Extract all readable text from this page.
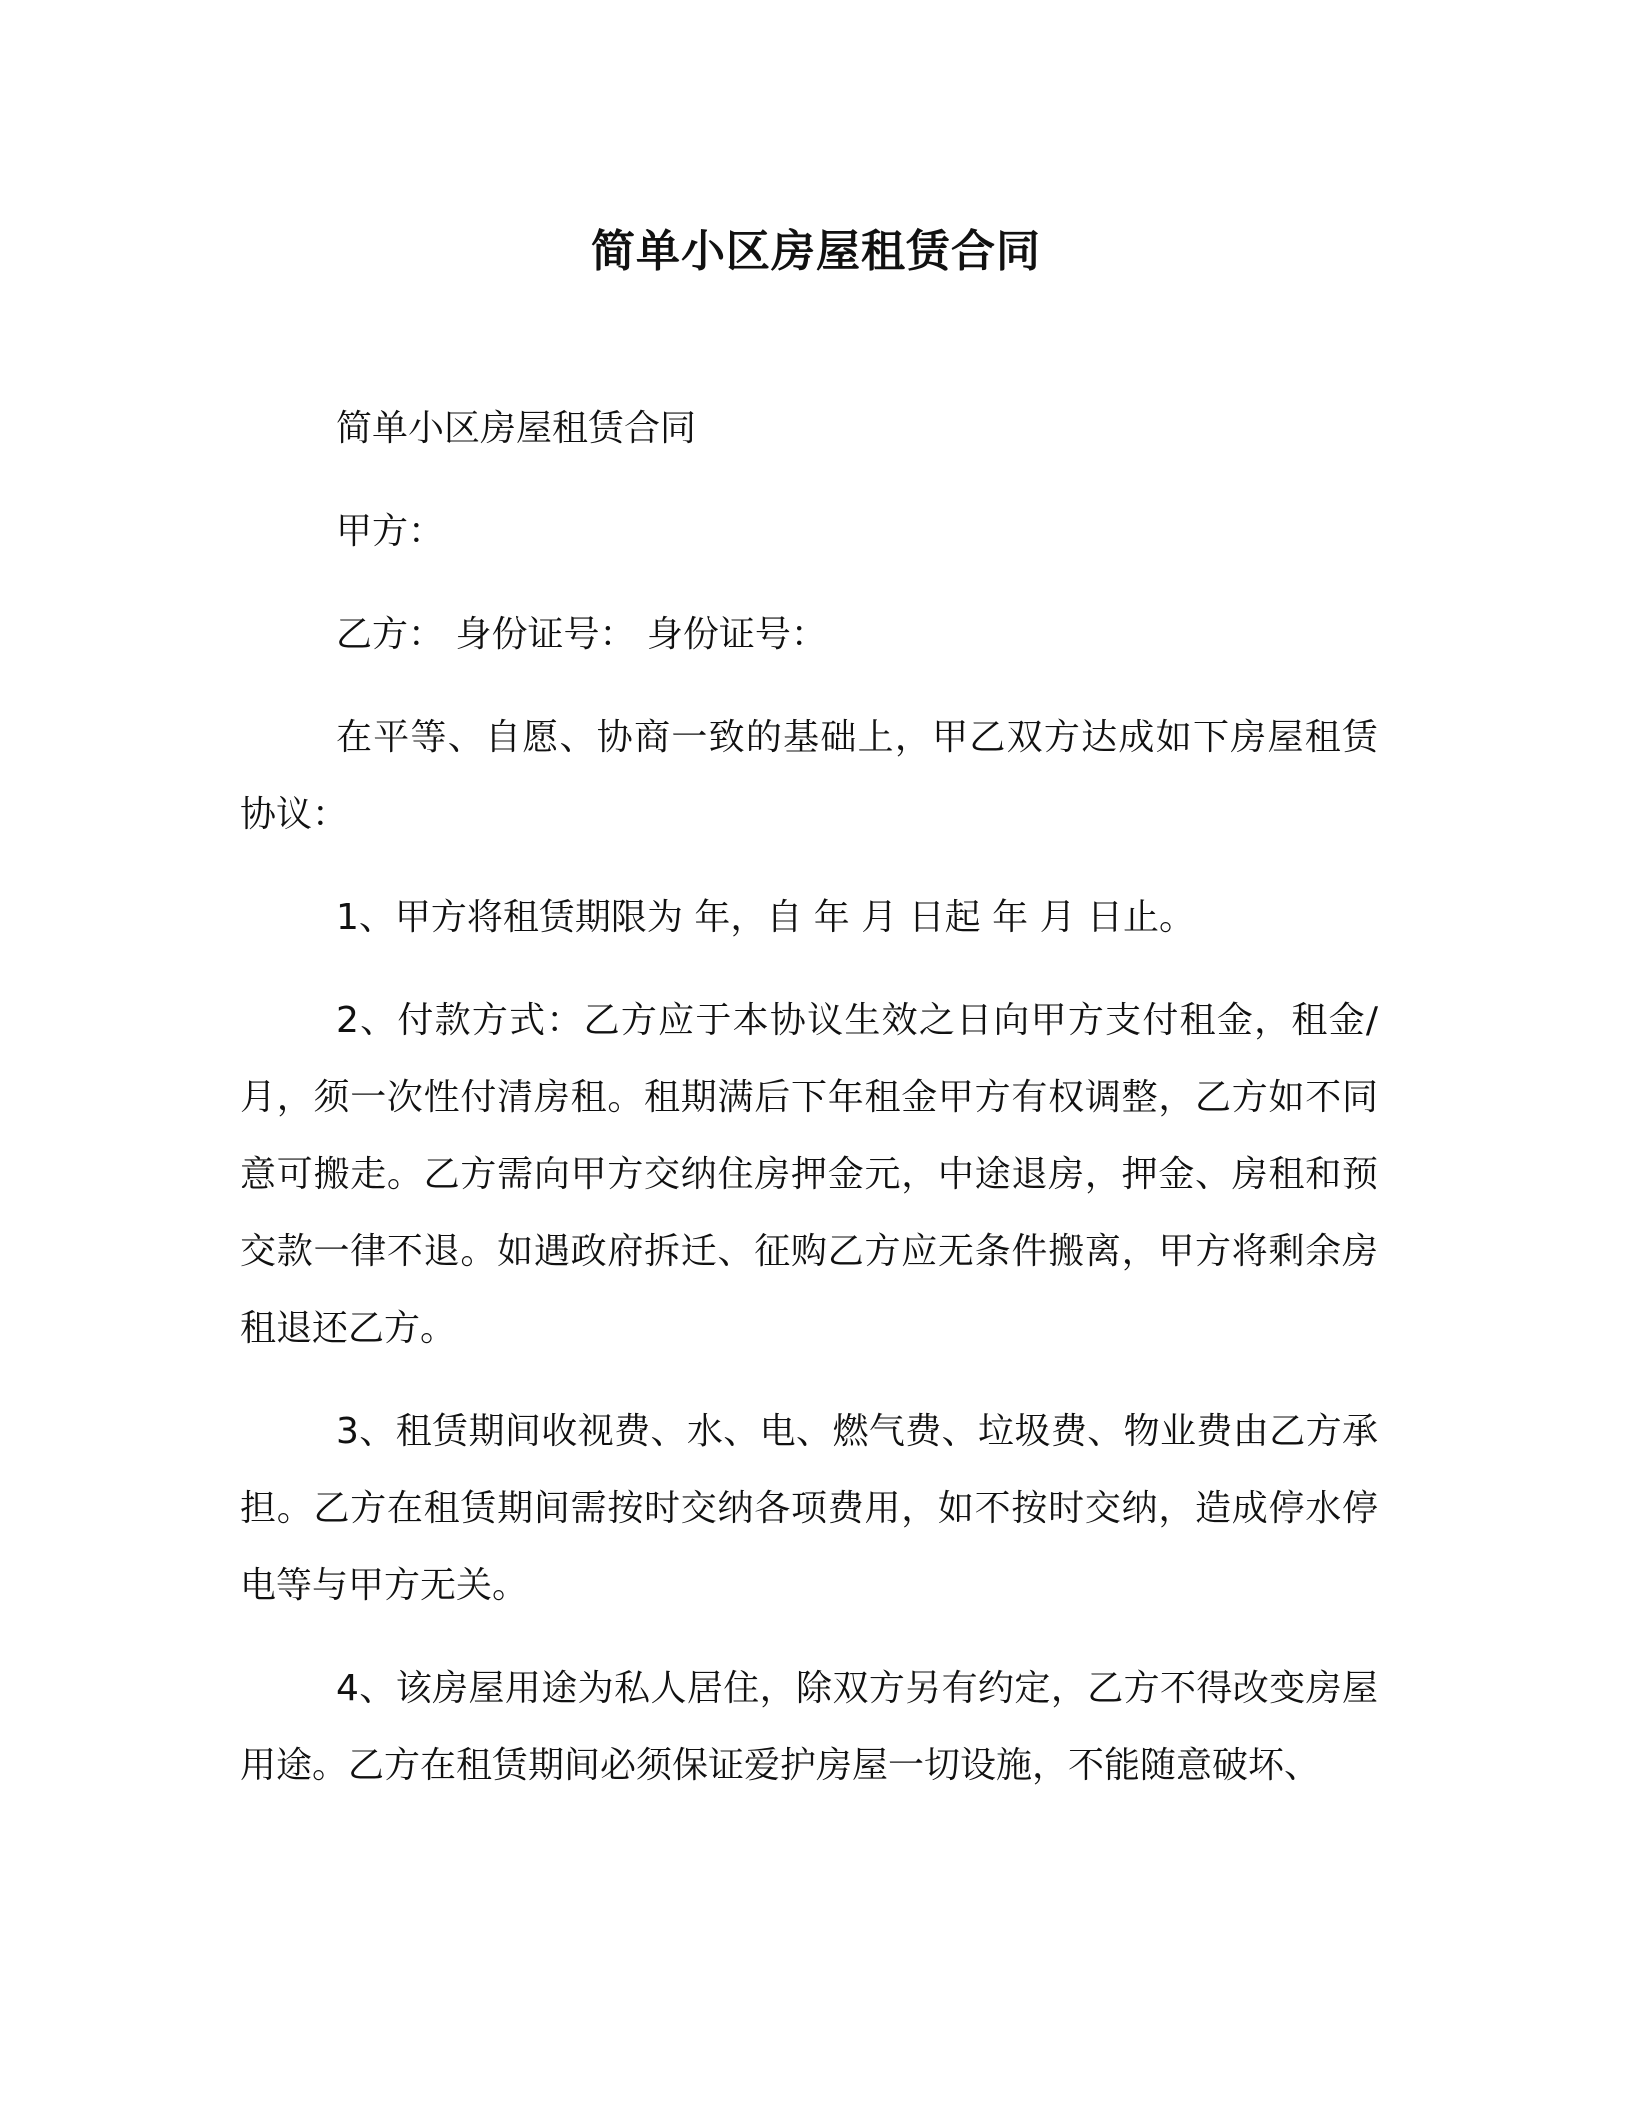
简单小区房屋租赁合同

简单小区房屋租赁合同

甲方：

乙方： 身份证号： 身份证号：

在平等、自愿、协商一致的基础上，甲乙双方达成如下房屋租赁协议：

1、甲方将租赁期限为 年，自 年 月 日起 年 月 日止。

2、付款方式：乙方应于本协议生效之日向甲方支付租金，租金/月，须一次性付清房租。租期满后下年租金甲方有权调整，乙方如不同意可搬走。乙方需向甲方交纳住房押金元，中途退房，押金、房租和预交款一律不退。如遇政府拆迁、征购乙方应无条件搬离，甲方将剩余房租退还乙方。

3、租赁期间收视费、水、电、燃气费、垃圾费、物业费由乙方承担。乙方在租赁期间需按时交纳各项费用，如不按时交纳，造成停水停电等与甲方无关。

4、该房屋用途为私人居住，除双方另有约定，乙方不得改变房屋用途。乙方在租赁期间必须保证爱护房屋一切设施，不能随意破坏、
